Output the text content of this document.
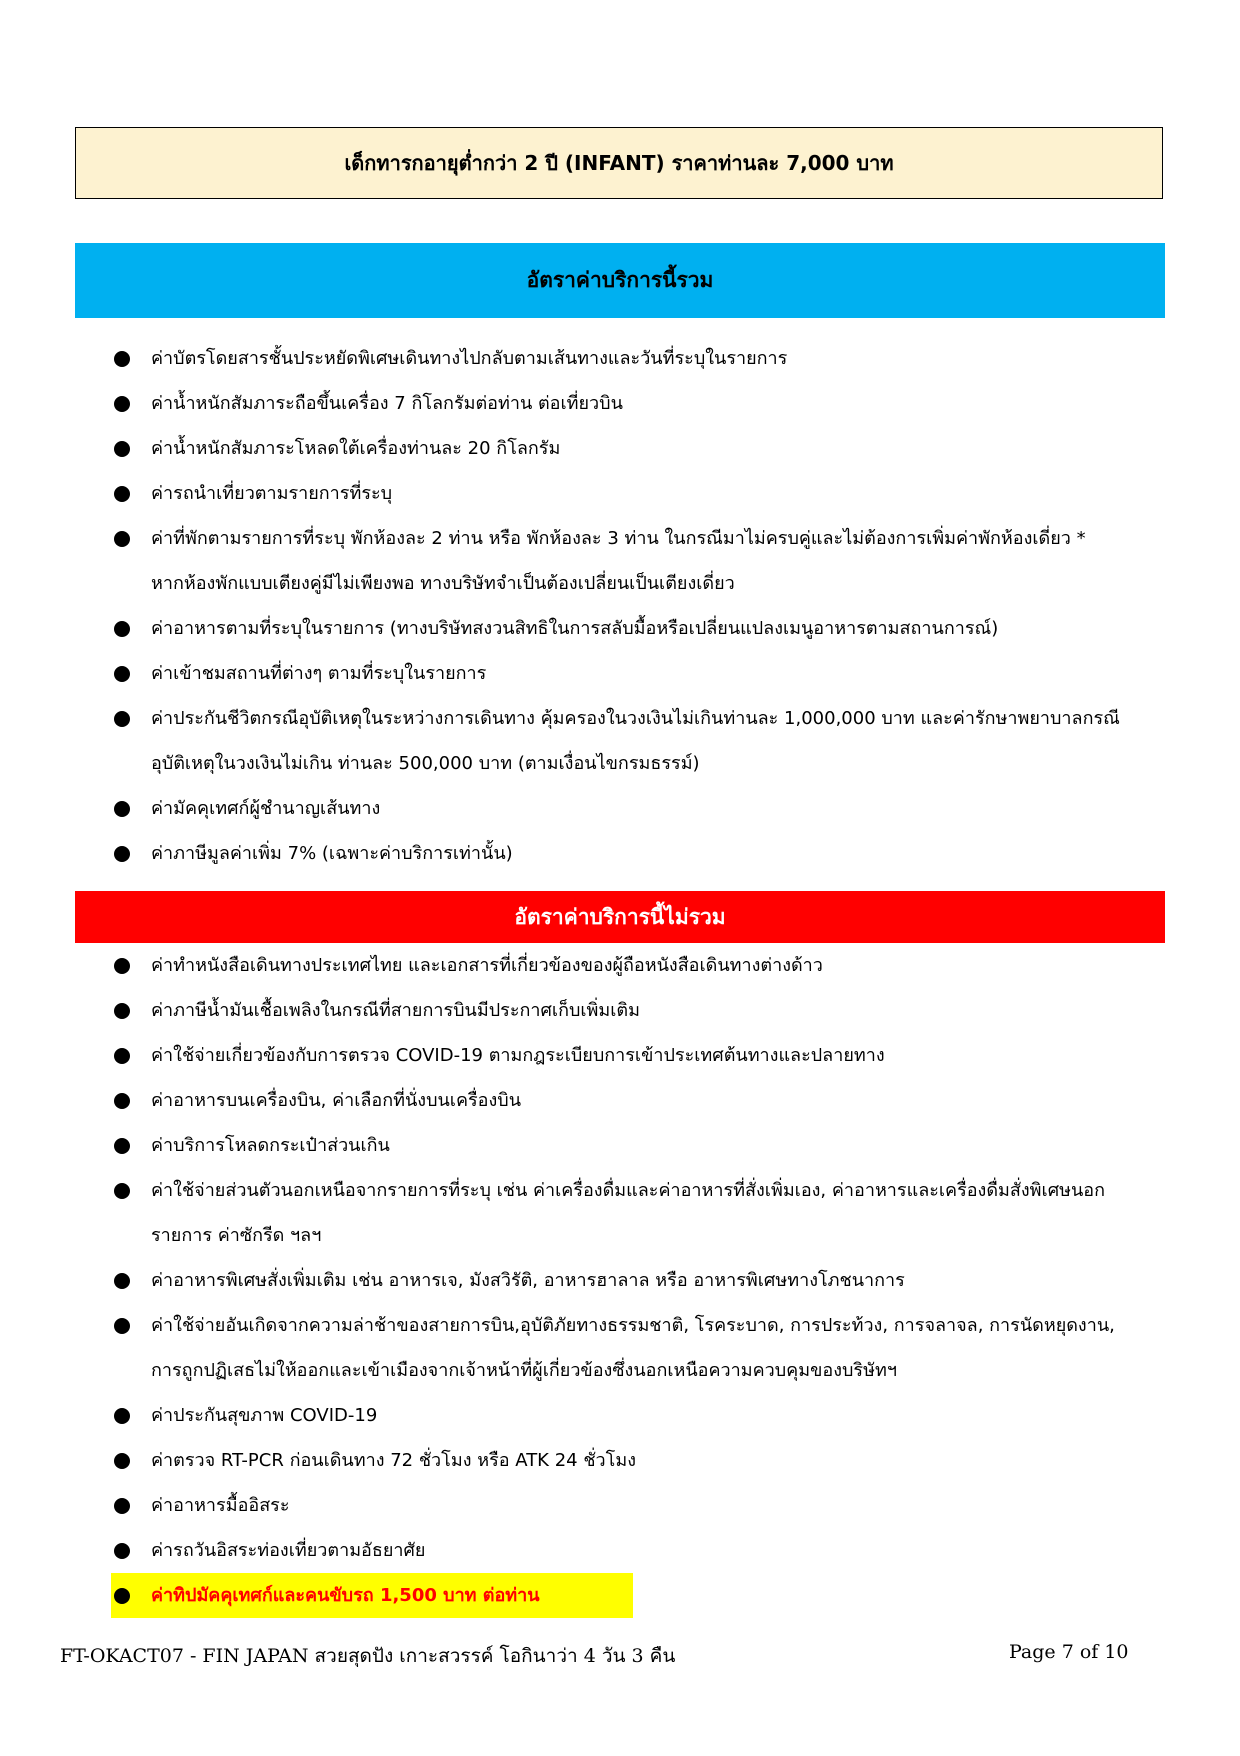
เด็กทารกอายุต่ำกว่า 2 ปี (INFANT) ราคาท่านละ 7,000 บาท
อัตราค่าบริการนี้รวม
ค่าบัตรโดยสารชั้นประหยัดพิเศษเดินทางไปกลับตามเส้นทางและวันที่ระบุในรายการ
ค่าน้ำหนักสัมภาระถือขึ้นเครื่อง 7 กิโลกรัมต่อท่าน ต่อเที่ยวบิน
ค่าน้ำหนักสัมภาระโหลดใต้เครื่องท่านละ 20 กิโลกรัม
ค่ารถนำเที่ยวตามรายการที่ระบุ
ค่าที่พักตามรายการที่ระบุ พักห้องละ 2 ท่าน หรือ พักห้องละ 3 ท่าน ในกรณีมาไม่ครบคู่และไม่ต้องการเพิ่มค่าพักห้องเดี่ยว *
หากห้องพักแบบเตียงคู่มีไม่เพียงพอ ทางบริษัทจำเป็นต้องเปลี่ยนเป็นเตียงเดี่ยว
ค่าอาหารตามที่ระบุในรายการ (ทางบริษัทสงวนสิทธิในการสลับมื้อหรือเปลี่ยนแปลงเมนูอาหารตามสถานการณ์)
ค่าเข้าชมสถานที่ต่างๆ ตามที่ระบุในรายการ
ค่าประกันชีวิตกรณีอุบัติเหตุในระหว่างการเดินทาง คุ้มครองในวงเงินไม่เกินท่านละ 1,000,000 บาท และค่ารักษาพยาบาลกรณี
อุบัติเหตุในวงเงินไม่เกิน ท่านละ 500,000 บาท (ตามเงื่อนไขกรมธรรม์)
ค่ามัคคุเทศก์ผู้ชำนาญเส้นทาง
ค่าภาษีมูลค่าเพิ่ม 7% (เฉพาะค่าบริการเท่านั้น)
อัตราค่าบริการนี้ไม่รวม
ค่าทำหนังสือเดินทางประเทศไทย และเอกสารที่เกี่ยวข้องของผู้ถือหนังสือเดินทางต่างด้าว
ค่าภาษีน้ำมันเชื้อเพลิงในกรณีที่สายการบินมีประกาศเก็บเพิ่มเติม
ค่าใช้จ่ายเกี่ยวข้องกับการตรวจ COVID-19 ตามกฎระเบียบการเข้าประเทศต้นทางและปลายทาง
ค่าอาหารบนเครื่องบิน, ค่าเลือกที่นั่งบนเครื่องบิน
ค่าบริการโหลดกระเป๋าส่วนเกิน
ค่าใช้จ่ายส่วนตัวนอกเหนือจากรายการที่ระบุ เช่น ค่าเครื่องดื่มและค่าอาหารที่สั่งเพิ่มเอง, ค่าอาหารและเครื่องดื่มสั่งพิเศษนอก
รายการ ค่าซักรีด ฯลฯ
ค่าอาหารพิเศษสั่งเพิ่มเติม เช่น อาหารเจ, มังสวิรัติ, อาหารฮาลาล หรือ อาหารพิเศษทางโภชนาการ
ค่าใช้จ่ายอันเกิดจากความล่าช้าของสายการบิน,อุบัติภัยทางธรรมชาติ, โรคระบาด, การประท้วง, การจลาจล, การนัดหยุดงาน,
การถูกปฏิเสธไม่ให้ออกและเข้าเมืองจากเจ้าหน้าที่ผู้เกี่ยวข้องซึ่งนอกเหนือความควบคุมของบริษัทฯ
ค่าประกันสุขภาพ COVID-19
ค่าตรวจ RT-PCR ก่อนเดินทาง 72 ชั่วโมง หรือ ATK 24 ชั่วโมง
ค่าอาหารมื้ออิสระ
ค่ารถวันอิสระท่องเที่ยวตามอัธยาศัย
ค่าทิปมัคคุเทศก์และคนขับรถ 1,500 บาท ต่อท่าน
FT-OKACT07 - FIN JAPAN สวยสุดปัง เกาะสวรรค์ โอกินาว่า 4 วัน 3 คืน	Page 7 of 10
